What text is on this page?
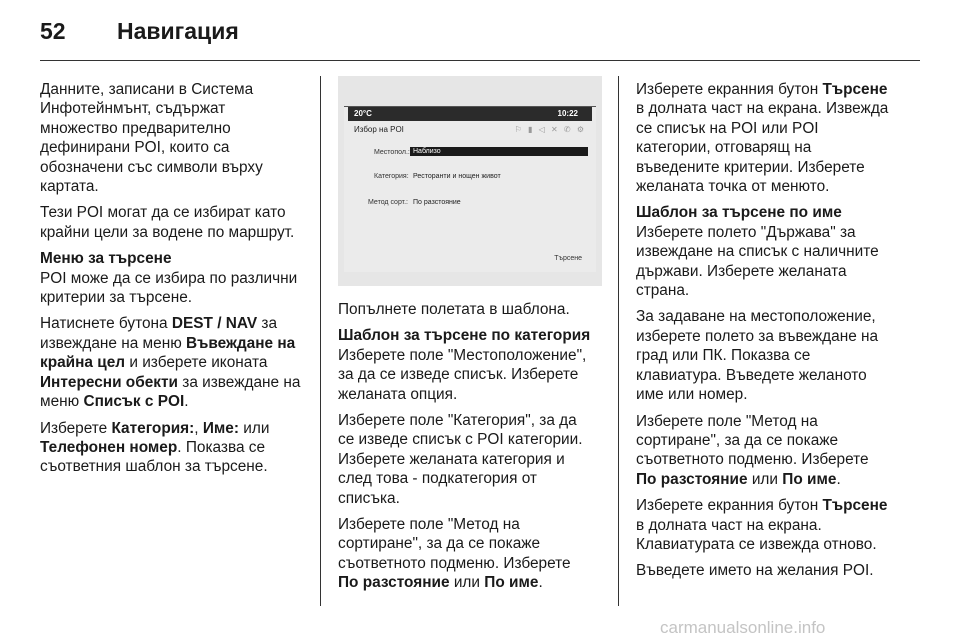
52 Навигация

Данните, записани в Система
Инфотейнмънт, съдържат
множество предварително
дефинирани POI, които са
обозначени със символи върху
картата.

Тези POI могат да се избират като
крайни цели за водене по маршрут.

Меню за търсене

POI може да се избира по различни
критерии за търсене.

Натиснете бутона DEST / NAV за
извеждане на меню Въвеждане на
крайна цел и изберете иконата
Интересни обекти за извеждане на
меню Списък с POI.

Изберете Категория:, Име: или
Телефонен номер. Показва се
съответния шаблон за търсене.

20°C	10:22
Избор на POI	⚐ ▮ ◁ ✕ ✆ ⚙
Местопол.: Наблизо
Категория: Ресторанти и нощен живот
Метод сорт.: По разстояние
Търсене

Попълнете полетата в шаблона.

Шаблон за търсене по категория

Изберете поле "Местоположение",
за да се изведе списък. Изберете
желаната опция.

Изберете поле "Категория", за да
се изведе списък с POI категории.
Изберете желаната категория и
след това - подкатегория от
списъка.

Изберете поле "Метод на
сортиране", за да се покаже
съответното подменю. Изберете
По разстояние или По име.

Изберете екранния бутон Търсене
в долната част на екрана. Извежда
се списък на POI или POI
категории, отговарящ на
въведените критерии. Изберете
желаната точка от менюто.

Шаблон за търсене по име

Изберете полето "Държава" за
извеждане на списък с наличните
държави. Изберете желаната
страна.

За задаване на местоположение,
изберете полето за въвеждане на
град или ПК. Показва се
клавиатура. Въведете желаното
име или номер.

Изберете поле "Метод на
сортиране", за да се покаже
съответното подменю. Изберете
По разстояние или По име.

Изберете екранния бутон Търсене
в долната част на екрана.
Клавиатурата се извежда отново.

Въведете името на желания POI.

carmanualsonline.info
